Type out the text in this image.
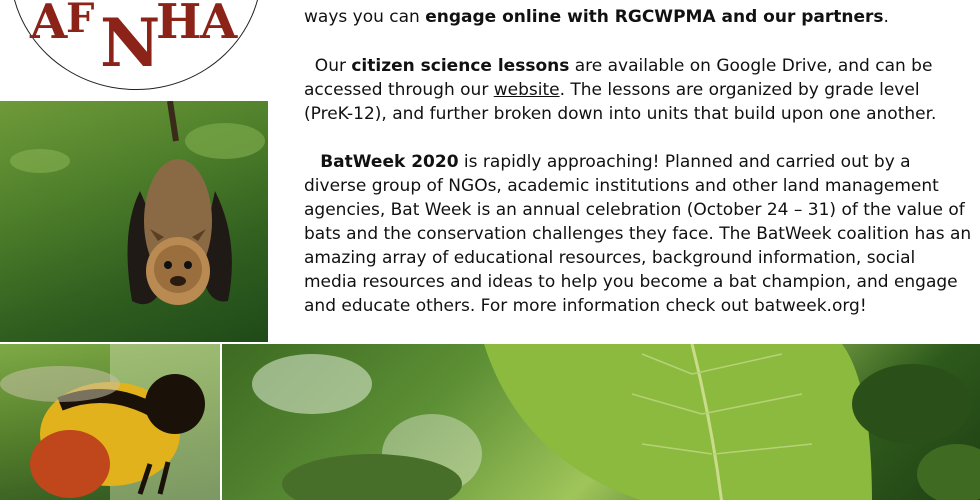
A
F N
H
A	ways you can engage online with RGCWPMA and our partners.

Our citizen science lessons are available on Google Drive, and can be accessed through our website. The lessons are organized by grade level (PreK-12), and further broken down into units that build upon one another.

BatWeek 2020 is rapidly approaching! Planned and carried out by a diverse group of NGOs, academic institutions and other land management agencies, Bat Week is an annual celebration (October 24 – 31) of the value of bats and the conservation challenges they face. The BatWeek coalition has an amazing array of educational resources, background information, social media resources and ideas to help you become a bat champion, and engage and educate others. For more information check out batweek.org!
